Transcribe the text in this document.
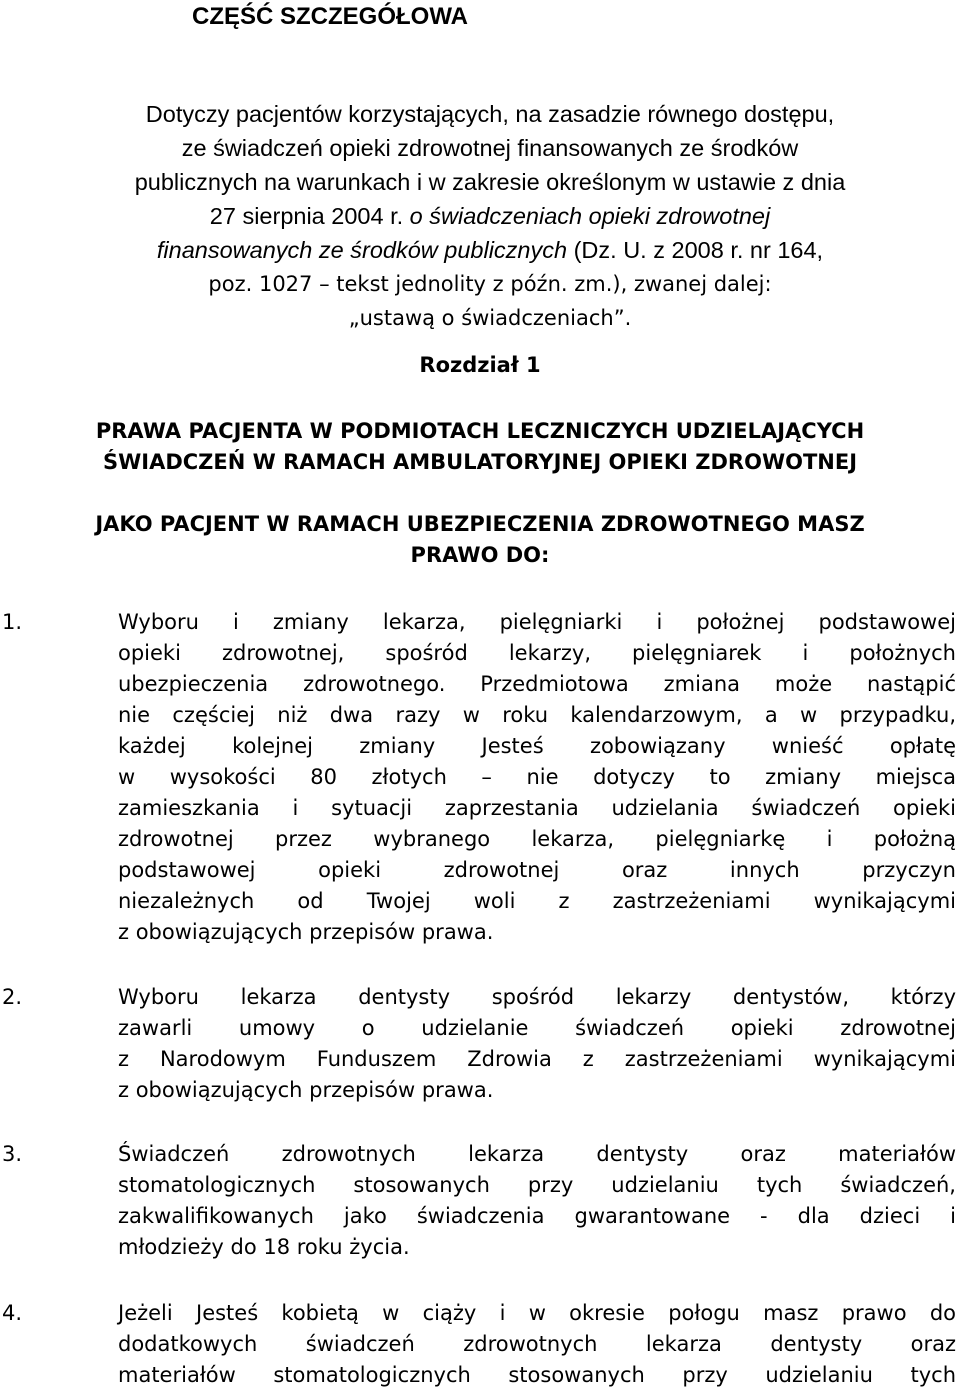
CZĘŚĆ SZCZEGÓŁOWA
Dotyczy pacjentów korzystających, na zasadzie równego dostępu,
ze świadczeń opieki zdrowotnej finansowanych ze środków
publicznych na warunkach i w zakresie określonym w ustawie z dnia
27 sierpnia 2004 r. o świadczeniach opieki zdrowotnej
finansowanych ze środków publicznych (Dz. U. z 2008 r. nr 164,
poz. 1027 – tekst jednolity z późn. zm.), zwanej dalej:
„ustawą o świadczeniach”.
Rozdział 1
PRAWA PACJENTA W PODMIOTACH LECZNICZYCH UDZIELAJĄCYCH
ŚWIADCZEŃ W RAMACH AMBULATORYJNEJ OPIEKI ZDROWOTNEJ
JAKO PACJENT W RAMACH UBEZPIECZENIA ZDROWOTNEGO MASZ
PRAWO DO:
1.	Wyboru i zmiany lekarza, pielęgniarki i położnej podstawowej
opieki zdrowotnej, spośród lekarzy, pielęgniarek i położnych
ubezpieczenia zdrowotnego. Przedmiotowa zmiana może nastąpić
nie częściej niż dwa razy w roku kalendarzowym, a w przypadku,
każdej kolejnej zmiany Jesteś zobowiązany wnieść opłatę
w wysokości 80 złotych – nie dotyczy to zmiany miejsca
zamieszkania i sytuacji zaprzestania udzielania świadczeń opieki
zdrowotnej przez wybranego lekarza, pielęgniarkę i położną
podstawowej opieki zdrowotnej oraz innych przyczyn
niezależnych od Twojej woli z zastrzeżeniami wynikającymi
z obowiązujących przepisów prawa.
2.	Wyboru lekarza dentysty spośród lekarzy dentystów, którzy
zawarli umowy o udzielanie świadczeń opieki zdrowotnej
z Narodowym Funduszem Zdrowia z zastrzeżeniami wynikającymi
z obowiązujących przepisów prawa.
3.	Świadczeń zdrowotnych lekarza dentysty oraz materiałów
stomatologicznych stosowanych przy udzielaniu tych świadczeń,
zakwalifikowanych jako świadczenia gwarantowane - dla dzieci i
młodzieży do 18 roku życia.
4.	Jeżeli Jesteś kobietą w ciąży i w okresie połogu masz prawo do
dodatkowych świadczeń zdrowotnych lekarza dentysty oraz
materiałów stomatologicznych stosowanych przy udzielaniu tych
